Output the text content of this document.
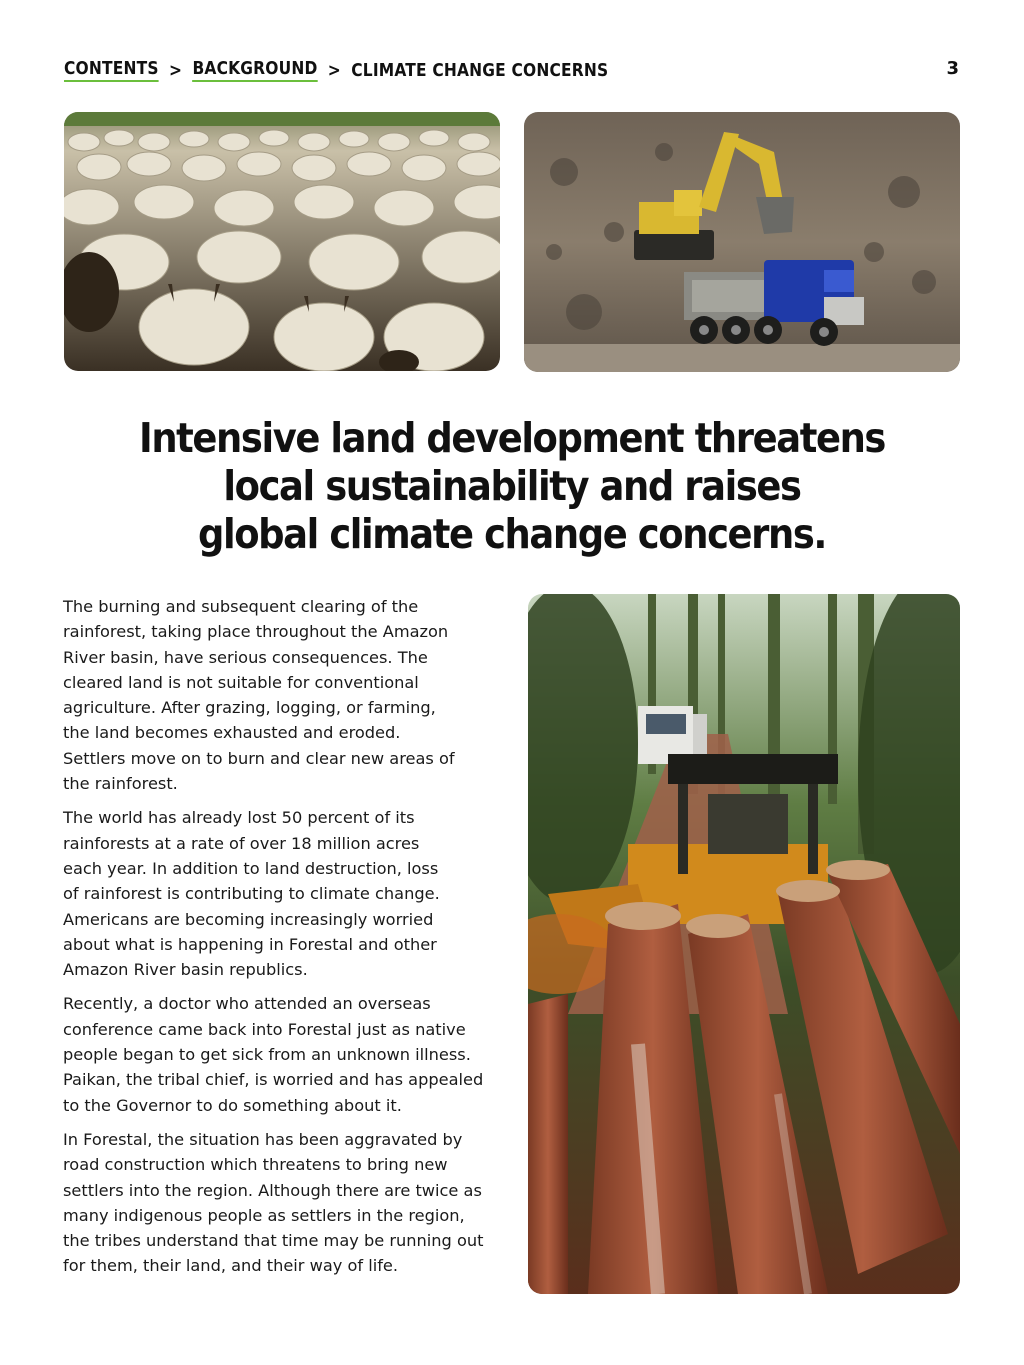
CONTENTS > BACKGROUND > CLIMATE CHANGE CONCERNS	3
Intensive land development threatens
local sustainability and raises
global climate change concerns.

The burning and subsequent clearing of the
rainforest, taking place throughout the Amazon
River basin, have serious consequences. The
cleared land is not suitable for conventional
agriculture. After grazing, logging, or farming,
the land becomes exhausted and eroded.
Settlers move on to burn and clear new areas of
the rainforest.

The world has already lost 50 percent of its
rainforests at a rate of over 18 million acres
each year. In addition to land destruction, loss
of rainforest is contributing to climate change.
Americans are becoming increasingly worried
about what is happening in Forestal and other
Amazon River basin republics.

Recently, a doctor who attended an overseas
conference came back into Forestal just as native
people began to get sick from an unknown illness.
Paikan, the tribal chief, is worried and has appealed
to the Governor to do something about it.

In Forestal, the situation has been aggravated by
road construction which threatens to bring new
settlers into the region. Although there are twice as
many indigenous people as settlers in the region,
the tribes understand that time may be running out
for them, their land, and their way of life.
